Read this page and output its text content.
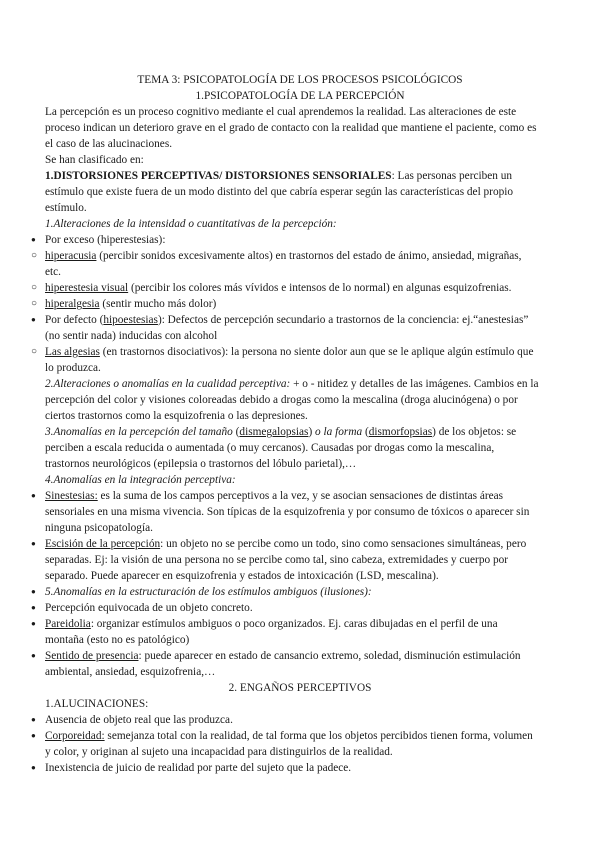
TEMA 3: PSICOPATOLOGÍA DE LOS PROCESOS PSICOLÓGICOS
1.PSICOPATOLOGÍA DE LA PERCEPCIÓN
La percepción es un proceso cognitivo mediante el cual aprendemos la realidad. Las alteraciones de este
proceso indican un deterioro grave en el grado de contacto con la realidad que mantiene el paciente, como es
el caso de las alucinaciones.
Se han clasificado en:
1.DISTORSIONES PERCEPTIVAS/ DISTORSIONES SENSORIALES: Las personas perciben un
estímulo que existe fuera de un modo distinto del que cabría esperar según las características del propio
estímulo.
1.Alteraciones de la intensidad o cuantitativas de la percepción:
●
Por exceso (hiperestesias):
○
hiperacusia (percibir sonidos excesivamente altos) en trastornos del estado de ánimo, ansiedad, migrañas,
etc.
○
hiperestesia visual (percibir los colores más vívidos e intensos de lo normal) en algunas esquizofrenias.
○
hiperalgesia (sentir mucho más dolor)
●
Por defecto (hipoestesias): Defectos de percepción secundario a trastornos de la conciencia: ej.“anestesias”
(no sentir nada) inducidas con alcohol
○
Las algesias (en trastornos disociativos): la persona no siente dolor aun que se le aplique algún estímulo que
lo produzca.
2.Alteraciones o anomalías en la cualidad perceptiva: + o - nitidez y detalles de las imágenes. Cambios en la
percepción del color y visiones coloreadas debido a drogas como la mescalina (droga alucinógena) o por
ciertos trastornos como la esquizofrenia o las depresiones.
3.Anomalías en la percepción del tamaño (dismegalopsias) o la forma (dismorfopsias) de los objetos: se
perciben a escala reducida o aumentada (o muy cercanos). Causadas por drogas como la mescalina,
trastornos neurológicos (epilepsia o trastornos del lóbulo parietal),…
4.Anomalías en la integración perceptiva:
●
Sinestesias: es la suma de los campos perceptivos a la vez, y se asocian sensaciones de distintas áreas
sensoriales en una misma vivencia. Son típicas de la esquizofrenia y por consumo de tóxicos o aparecer sin
ninguna psicopatología.
●
Escisión de la percepción: un objeto no se percibe como un todo, sino como sensaciones simultáneas, pero
separadas. Ej: la visión de una persona no se percibe como tal, sino cabeza, extremidades y cuerpo por
separado. Puede aparecer en esquizofrenia y estados de intoxicación (LSD, mescalina).
●
5.Anomalías en la estructuración de los estímulos ambiguos (ilusiones):
●
Percepción equivocada de un objeto concreto.
●
Pareidolia: organizar estímulos ambiguos o poco organizados. Ej. caras dibujadas en el perfil de una
montaña (esto no es patológico)
●
Sentido de presencia: puede aparecer en estado de cansancio extremo, soledad, disminución estimulación
ambiental, ansiedad, esquizofrenia,…
2. ENGAÑOS PERCEPTIVOS
1.ALUCINACIONES:
●
Ausencia de objeto real que las produzca.
●
Corporeidad: semejanza total con la realidad, de tal forma que los objetos percibidos tienen forma, volumen
y color, y originan al sujeto una incapacidad para distinguirlos de la realidad.
●
Inexistencia de juicio de realidad por parte del sujeto que la padece.
